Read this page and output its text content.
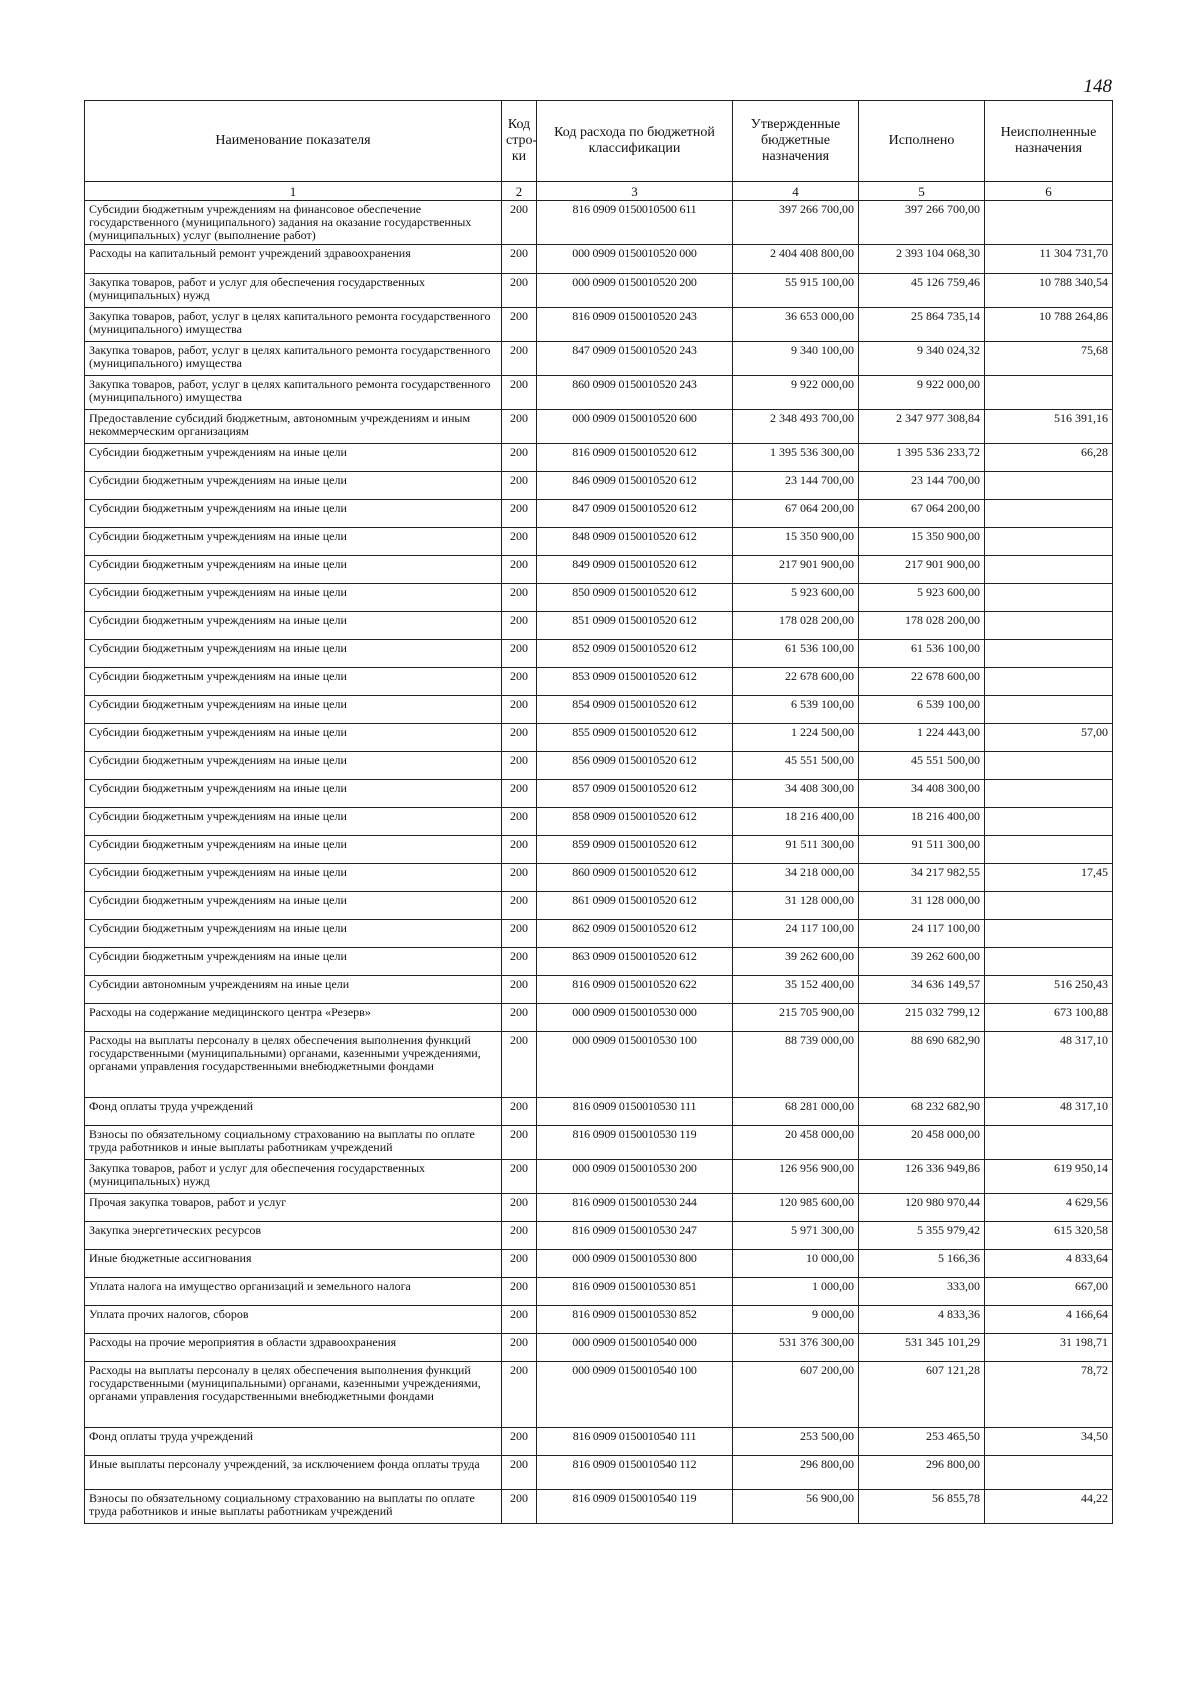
148
Наименование показателя	Код стро-ки	Код расхода по бюджетной классификации	Утвержденные бюджетные назначения	Исполнено	Неисполненные назначения
1	2	3	4	5	6
Субсидии бюджетным учреждениям на финансовое обеспечение государственного (муниципального) задания на оказание государственных (муниципальных) услуг (выполнение работ)	200	816 0909 0150010500 611	397 266 700,00	397 266 700,00	
Расходы на капитальный ремонт учреждений здравоохранения	200	000 0909 0150010520 000	2 404 408 800,00	2 393 104 068,30	11 304 731,70
Закупка товаров, работ и услуг для обеспечения государственных (муниципальных) нужд	200	000 0909 0150010520 200	55 915 100,00	45 126 759,46	10 788 340,54
Закупка товаров, работ, услуг в целях капитального ремонта государственного (муниципального) имущества	200	816 0909 0150010520 243	36 653 000,00	25 864 735,14	10 788 264,86
Закупка товаров, работ, услуг в целях капитального ремонта государственного (муниципального) имущества	200	847 0909 0150010520 243	9 340 100,00	9 340 024,32	75,68
Закупка товаров, работ, услуг в целях капитального ремонта государственного (муниципального) имущества	200	860 0909 0150010520 243	9 922 000,00	9 922 000,00	
Предоставление субсидий бюджетным, автономным учреждениям и иным некоммерческим организациям	200	000 0909 0150010520 600	2 348 493 700,00	2 347 977 308,84	516 391,16
Субсидии бюджетным учреждениям на иные цели	200	816 0909 0150010520 612	1 395 536 300,00	1 395 536 233,72	66,28
Субсидии бюджетным учреждениям на иные цели	200	846 0909 0150010520 612	23 144 700,00	23 144 700,00	
Субсидии бюджетным учреждениям на иные цели	200	847 0909 0150010520 612	67 064 200,00	67 064 200,00	
Субсидии бюджетным учреждениям на иные цели	200	848 0909 0150010520 612	15 350 900,00	15 350 900,00	
Субсидии бюджетным учреждениям на иные цели	200	849 0909 0150010520 612	217 901 900,00	217 901 900,00	
Субсидии бюджетным учреждениям на иные цели	200	850 0909 0150010520 612	5 923 600,00	5 923 600,00	
Субсидии бюджетным учреждениям на иные цели	200	851 0909 0150010520 612	178 028 200,00	178 028 200,00	
Субсидии бюджетным учреждениям на иные цели	200	852 0909 0150010520 612	61 536 100,00	61 536 100,00	
Субсидии бюджетным учреждениям на иные цели	200	853 0909 0150010520 612	22 678 600,00	22 678 600,00	
Субсидии бюджетным учреждениям на иные цели	200	854 0909 0150010520 612	6 539 100,00	6 539 100,00	
Субсидии бюджетным учреждениям на иные цели	200	855 0909 0150010520 612	1 224 500,00	1 224 443,00	57,00
Субсидии бюджетным учреждениям на иные цели	200	856 0909 0150010520 612	45 551 500,00	45 551 500,00	
Субсидии бюджетным учреждениям на иные цели	200	857 0909 0150010520 612	34 408 300,00	34 408 300,00	
Субсидии бюджетным учреждениям на иные цели	200	858 0909 0150010520 612	18 216 400,00	18 216 400,00	
Субсидии бюджетным учреждениям на иные цели	200	859 0909 0150010520 612	91 511 300,00	91 511 300,00	
Субсидии бюджетным учреждениям на иные цели	200	860 0909 0150010520 612	34 218 000,00	34 217 982,55	17,45
Субсидии бюджетным учреждениям на иные цели	200	861 0909 0150010520 612	31 128 000,00	31 128 000,00	
Субсидии бюджетным учреждениям на иные цели	200	862 0909 0150010520 612	24 117 100,00	24 117 100,00	
Субсидии бюджетным учреждениям на иные цели	200	863 0909 0150010520 612	39 262 600,00	39 262 600,00	
Субсидии автономным учреждениям на иные цели	200	816 0909 0150010520 622	35 152 400,00	34 636 149,57	516 250,43
Расходы на содержание медицинского центра «Резерв»	200	000 0909 0150010530 000	215 705 900,00	215 032 799,12	673 100,88
Расходы на выплаты персоналу в целях обеспечения выполнения функций государственными (муниципальными) органами, казенными учреждениями, органами управления государственными внебюджетными фондами	200	000 0909 0150010530 100	88 739 000,00	88 690 682,90	48 317,10
Фонд оплаты труда учреждений	200	816 0909 0150010530 111	68 281 000,00	68 232 682,90	48 317,10
Взносы по обязательному социальному страхованию на выплаты по оплате труда работников и иные выплаты работникам учреждений	200	816 0909 0150010530 119	20 458 000,00	20 458 000,00	
Закупка товаров, работ и услуг для обеспечения государственных (муниципальных) нужд	200	000 0909 0150010530 200	126 956 900,00	126 336 949,86	619 950,14
Прочая закупка товаров, работ и услуг	200	816 0909 0150010530 244	120 985 600,00	120 980 970,44	4 629,56
Закупка энергетических ресурсов	200	816 0909 0150010530 247	5 971 300,00	5 355 979,42	615 320,58
Иные бюджетные ассигнования	200	000 0909 0150010530 800	10 000,00	5 166,36	4 833,64
Уплата налога на имущество организаций и земельного налога	200	816 0909 0150010530 851	1 000,00	333,00	667,00
Уплата прочих налогов, сборов	200	816 0909 0150010530 852	9 000,00	4 833,36	4 166,64
Расходы на прочие мероприятия в области здравоохранения	200	000 0909 0150010540 000	531 376 300,00	531 345 101,29	31 198,71
Расходы на выплаты персоналу в целях обеспечения выполнения функций государственными (муниципальными) органами, казенными учреждениями, органами управления государственными внебюджетными фондами	200	000 0909 0150010540 100	607 200,00	607 121,28	78,72
Фонд оплаты труда учреждений	200	816 0909 0150010540 111	253 500,00	253 465,50	34,50
Иные выплаты персоналу учреждений, за исключением фонда оплаты труда	200	816 0909 0150010540 112	296 800,00	296 800,00	
Взносы по обязательному социальному страхованию на выплаты по оплате труда работников и иные выплаты работникам учреждений	200	816 0909 0150010540 119	56 900,00	56 855,78	44,22
